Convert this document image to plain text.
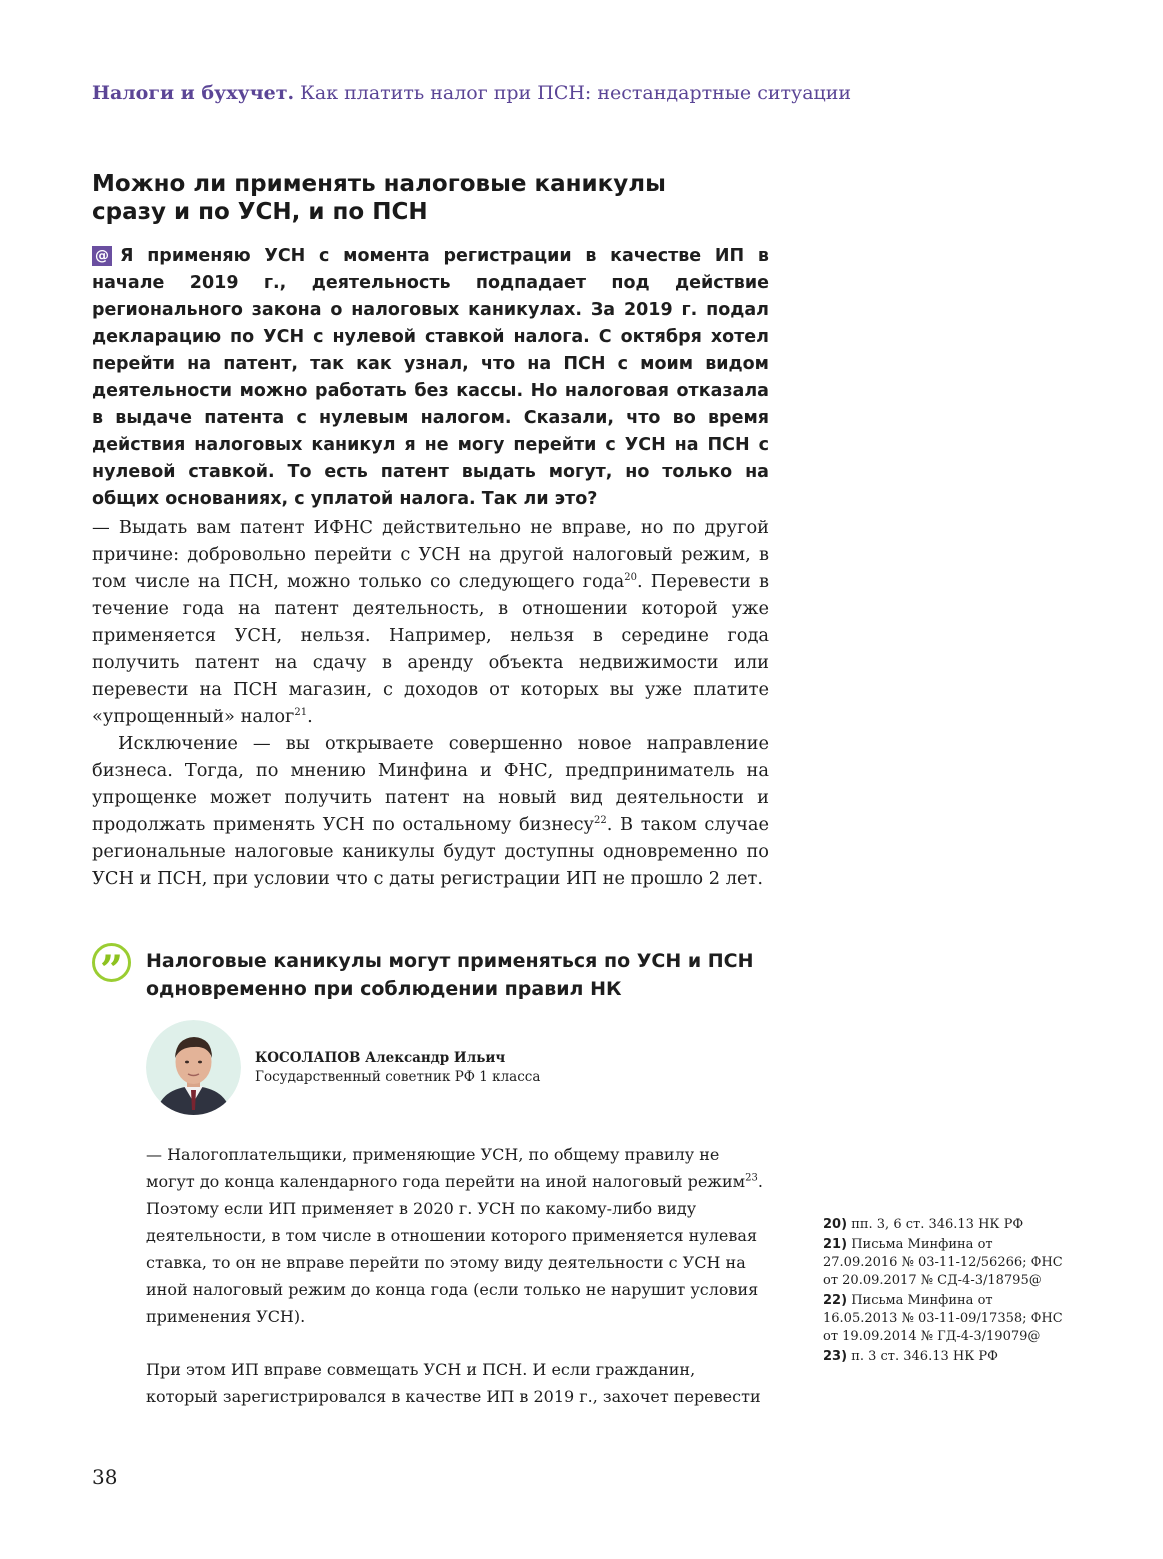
Налоги и бухучет. Как платить налог при ПСН: нестандартные ситуации
Можно ли применять налоговые каникулы сразу и по УСН, и по ПСН

@ Я применяю УСН с момента регистрации в качестве ИП в начале 2019 г., деятельность подпадает под действие регионального закона о налоговых каникулах. За 2019 г. подал декларацию по УСН с нулевой ставкой налога. С октября хотел перейти на патент, так как узнал, что на ПСН с моим видом деятельности можно работать без кассы. Но налоговая отказала в выдаче патента с нулевым налогом. Сказали, что во время действия налоговых каникул я не могу перейти с УСН на ПСН с нулевой ставкой. То есть патент выдать могут, но только на общих основаниях, с уплатой налога. Так ли это?

— Выдать вам патент ИФНС действительно не вправе, но по другой причине: добровольно перейти с УСН на другой налоговый режим, в том числе на ПСН, можно только со следующего года$^{20}$. Перевести в течение года на патент деятельность, в отношении которой уже применяется УСН, нельзя. Например, нельзя в середине года получить патент на сдачу в аренду объекта недвижимости или перевести на ПСН магазин, с доходов от которых вы уже платите «упрощенный» налог$^{21}$.

Исключение — вы открываете совершенно новое направление бизнеса. Тогда, по мнению Минфина и ФНС, предприниматель на упрощенке может получить патент на новый вид деятельности и продолжать применять УСН по остальному бизнесу$^{22}$. В таком случае региональные налоговые каникулы будут доступны одновременно по УСН и ПСН, при условии что с даты регистрации ИП не прошло 2 лет.

” Налоговые каникулы могут применяться по УСН и ПСН одновременно при соблюдении правил НК

КОСОЛАПОВ Александр Ильич
Государственный советник РФ 1 класса

— Налогоплательщики, применяющие УСН, по общему правилу не могут до конца календарного года перейти на иной налоговый режим$^{23}$. Поэтому если ИП применяет в 2020 г. УСН по какому-либо виду деятельности, в том числе в отношении которого применяется нулевая ставка, то он не вправе перейти по этому виду деятельности с УСН на иной налоговый режим до конца года (если только не нарушит условия применения УСН).

При этом ИП вправе совмещать УСН и ПСН. И если гражданин, который зарегистрировался в качестве ИП в 2019 г., захочет перевести

20) пп. 3, 6 ст. 346.13 НК РФ
21) Письма Минфина от 27.09.2016 № 03-11-12/56266; ФНС от 20.09.2017 № СД-4-3/18795@
22) Письма Минфина от 16.05.2013 № 03-11-09/17358; ФНС от 19.09.2014 № ГД-4-3/19079@
23) п. 3 ст. 346.13 НК РФ
38
